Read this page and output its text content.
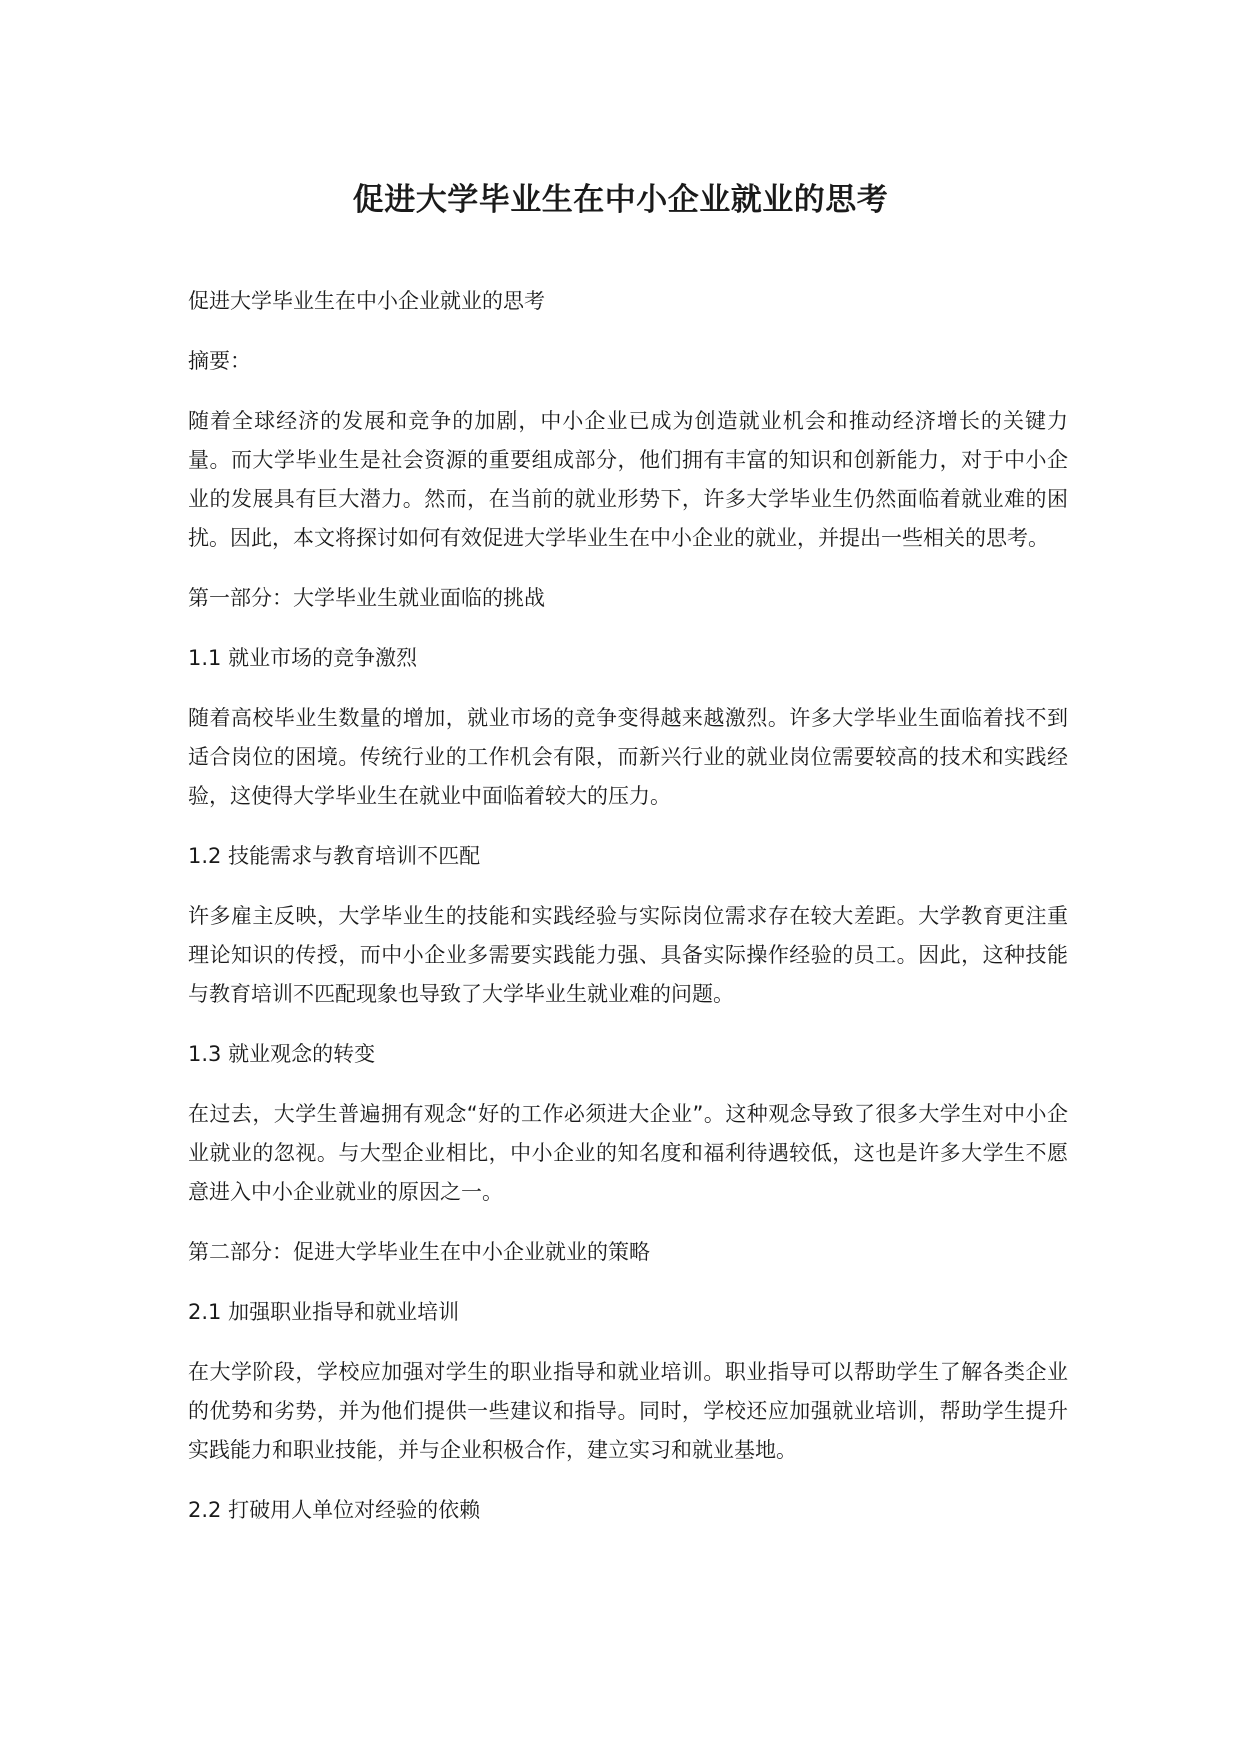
促进大学毕业生在中小企业就业的思考
促进大学毕业生在中小企业就业的思考
摘要：
随着全球经济的发展和竞争的加剧，中小企业已成为创造就业机会和推动经济增长的关键力量。而大学毕业生是社会资源的重要组成部分，他们拥有丰富的知识和创新能力，对于中小企业的发展具有巨大潜力。然而，在当前的就业形势下，许多大学毕业生仍然面临着就业难的困扰。因此，本文将探讨如何有效促进大学毕业生在中小企业的就业，并提出一些相关的思考。
第一部分：大学毕业生就业面临的挑战
1.1 就业市场的竞争激烈
随着高校毕业生数量的增加，就业市场的竞争变得越来越激烈。许多大学毕业生面临着找不到适合岗位的困境。传统行业的工作机会有限，而新兴行业的就业岗位需要较高的技术和实践经验，这使得大学毕业生在就业中面临着较大的压力。
1.2 技能需求与教育培训不匹配
许多雇主反映，大学毕业生的技能和实践经验与实际岗位需求存在较大差距。大学教育更注重理论知识的传授，而中小企业多需要实践能力强、具备实际操作经验的员工。因此，这种技能与教育培训不匹配现象也导致了大学毕业生就业难的问题。
1.3 就业观念的转变
在过去，大学生普遍拥有观念“好的工作必须进大企业”。这种观念导致了很多大学生对中小企业就业的忽视。与大型企业相比，中小企业的知名度和福利待遇较低，这也是许多大学生不愿意进入中小企业就业的原因之一。
第二部分：促进大学毕业生在中小企业就业的策略
2.1 加强职业指导和就业培训
在大学阶段，学校应加强对学生的职业指导和就业培训。职业指导可以帮助学生了解各类企业的优势和劣势，并为他们提供一些建议和指导。同时，学校还应加强就业培训，帮助学生提升实践能力和职业技能，并与企业积极合作，建立实习和就业基地。
2.2 打破用人单位对经验的依赖
